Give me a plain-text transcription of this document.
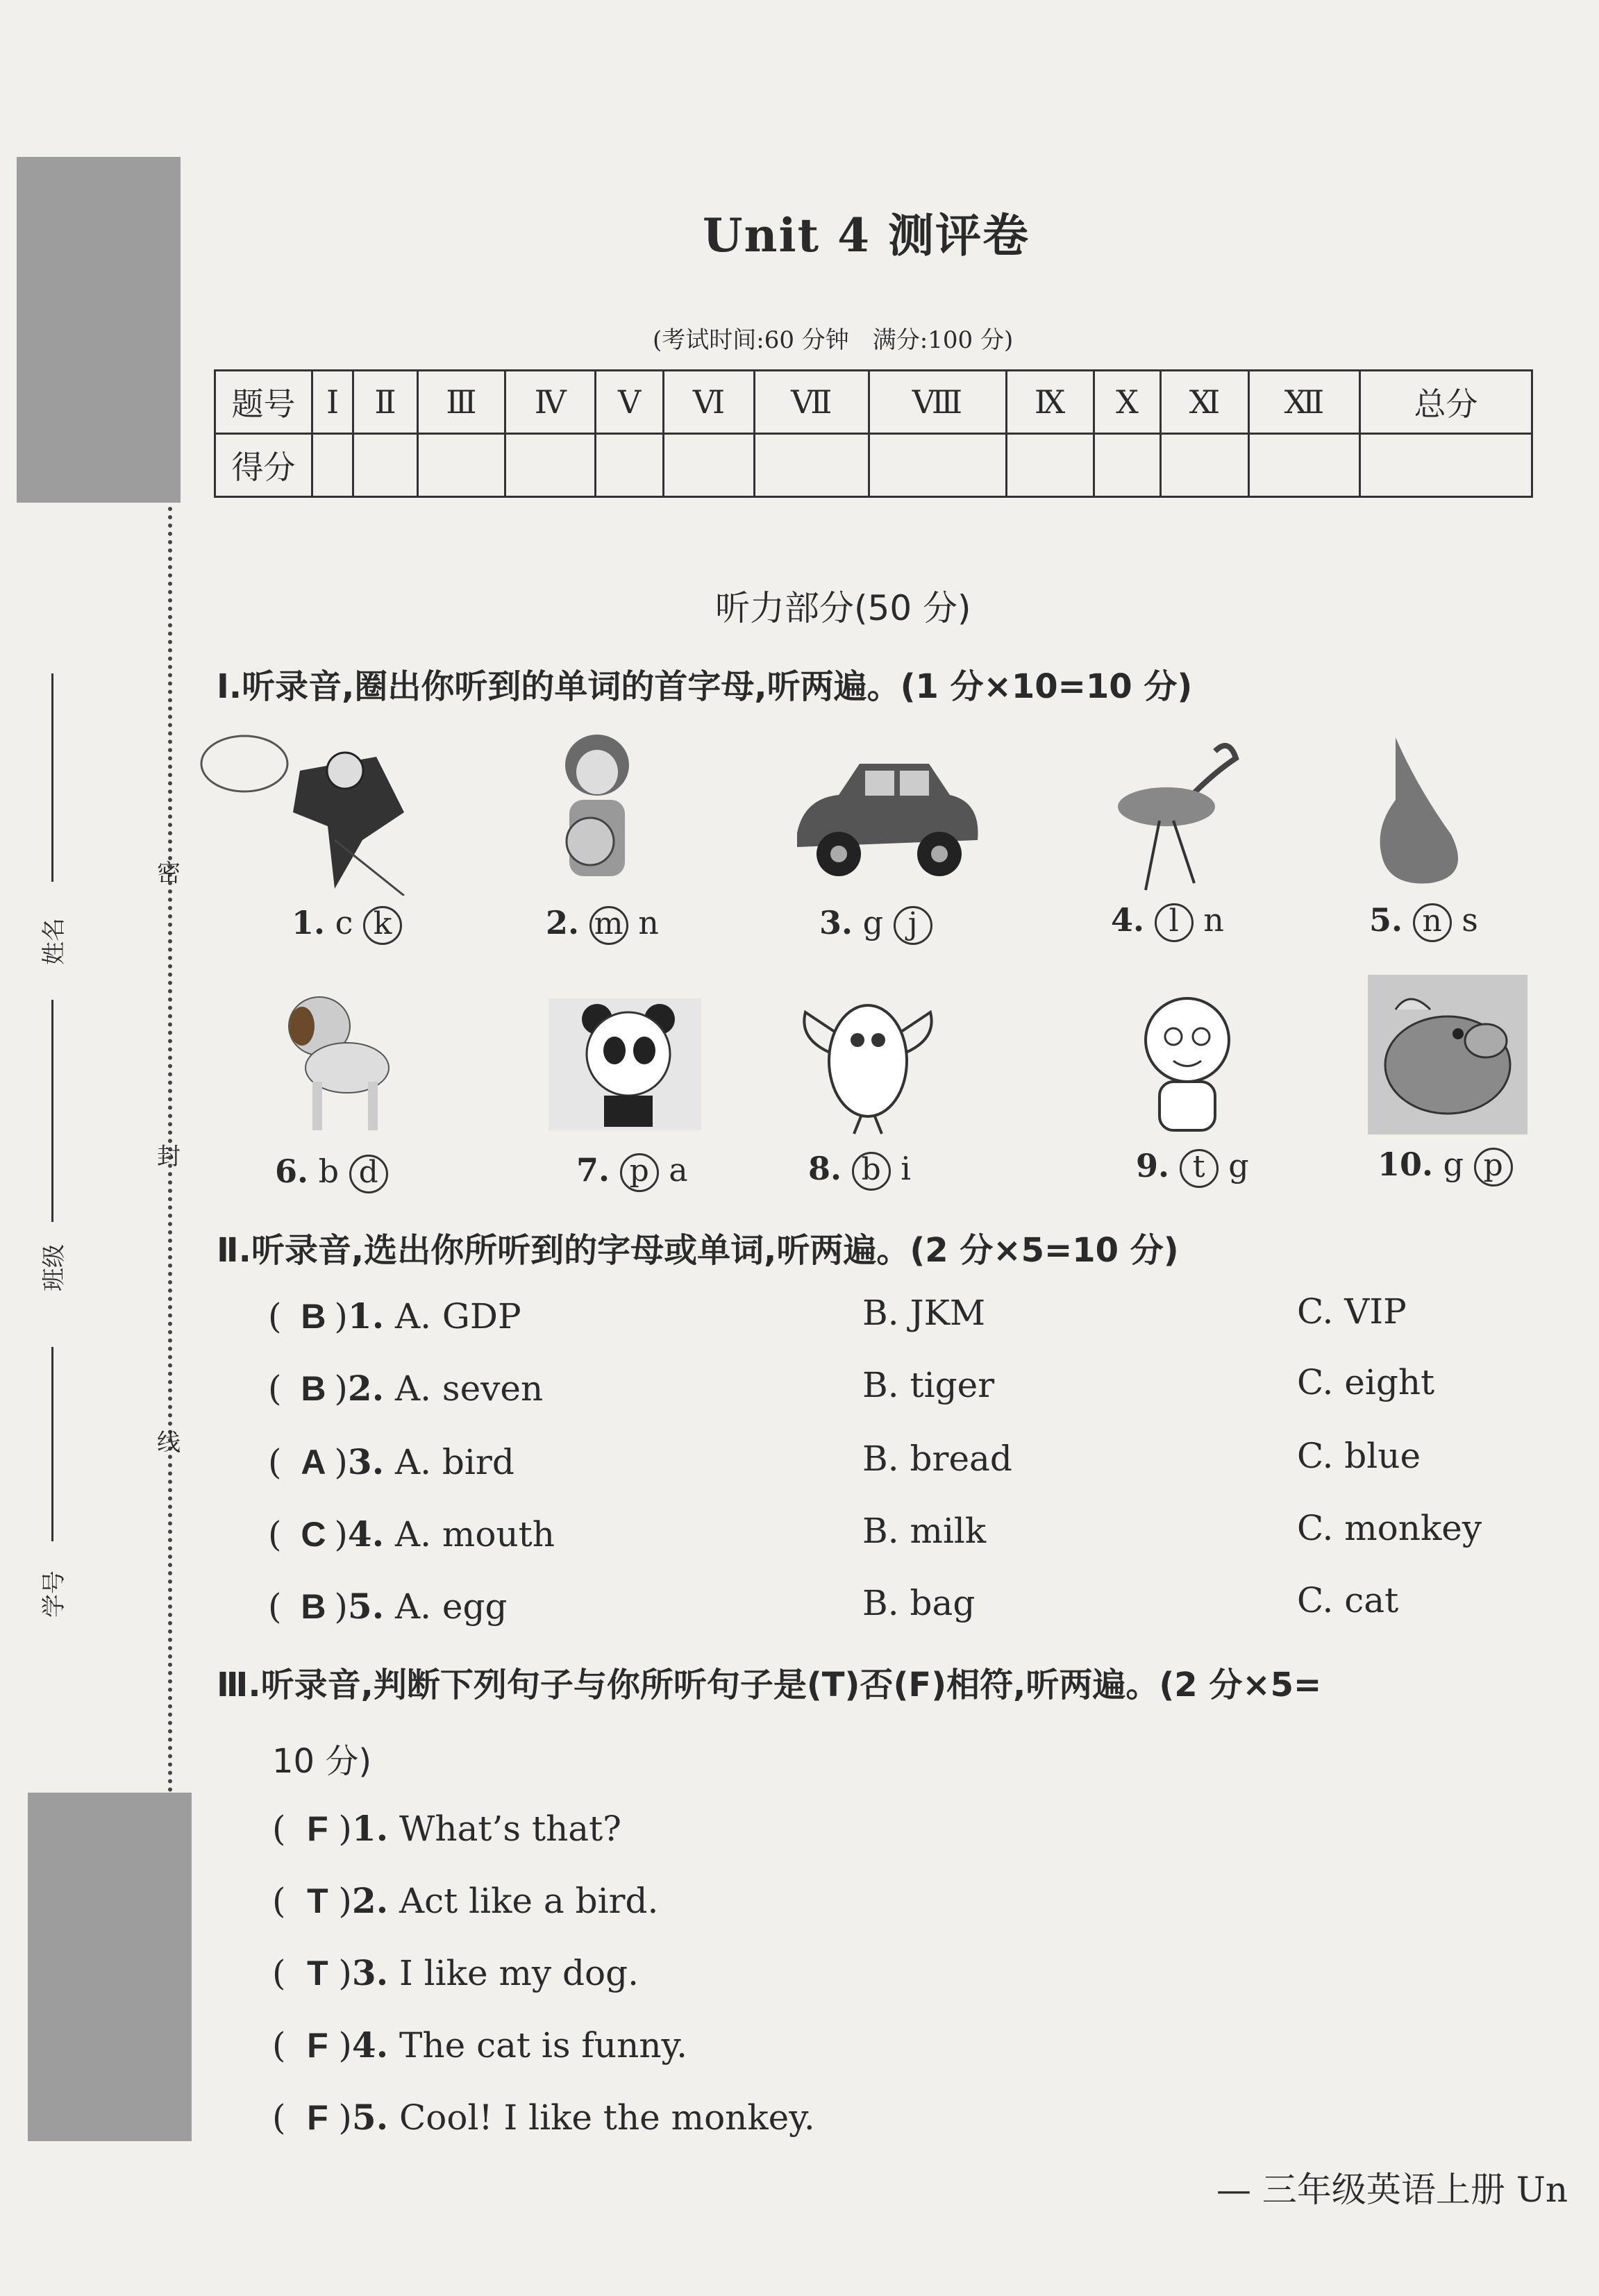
密
封
线
姓名
班级
学号
Unit 4 测评卷
(考试时间:60 分钟　满分:100 分)
题号	Ⅰ	Ⅱ	Ⅲ	Ⅳ	Ⅴ	Ⅵ	Ⅶ	Ⅷ	Ⅸ	Ⅹ	Ⅺ	Ⅻ	总分
得分													
听力部分(50 分)
Ⅰ.听录音,圈出你听到的单词的首字母,听两遍。(1 分×10=10 分)
1. c k	2. m n	3. g j	4. l n	5. n s
6. b d	7. p a	8. b i	9. t g	10. g p
Ⅱ.听录音,选出你所听到的字母或单词,听两遍。(2 分×5=10 分)
( B )1. A. GDP	B. JKM	C. VIP
( B )2. A. seven	B. tiger	C. eight
( A )3. A. bird	B. bread	C. blue
( C )4. A. mouth	B. milk	C. monkey
( B )5. A. egg	B. bag	C. cat
Ⅲ.听录音,判断下列句子与你所听句子是(T)否(F)相符,听两遍。(2 分×5=
10 分)
( F )1. What’s that?
( T )2. Act like a bird.
( T )3. I like my dog.
( F )4. The cat is funny.
( F )5. Cool! I like the monkey.
— 三年级英语上册 Un
